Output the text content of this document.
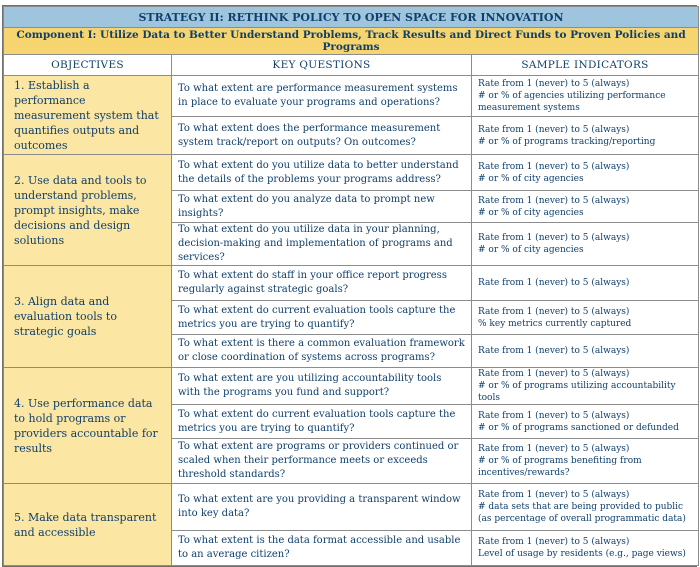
STRATEGY II: RETHINK POLICY TO OPEN SPACE FOR INNOVATION		
Component I: Utilize Data to Better Understand Problems, Track Results and Direct Funds to Proven Policies and Programs		
OBJECTIVES	KEY QUESTIONS	SAMPLE INDICATORS
1. Establish a performance measurement system that quantifies outputs and outcomes	To what extent are performance measurement systems in place to evaluate your programs and operations?	Rate from 1 (never) to 5 (always)
# or % of agencies utilizing performance measurement systems

	To what extent does the performance measurement system track/report on outputs? On outcomes?	Rate from 1 (never) to 5 (always)
# or % of programs tracking/reporting

2. Use data and tools to understand problems, prompt insights, make decisions and design solutions	To what extent do you utilize data to better understand the details of the problems your programs address?	Rate from 1 (never) to 5 (always)
# or % of city agencies

	To what extent do you analyze data to prompt new insights?	Rate from 1 (never) to 5 (always)
# or % of city agencies

	To what extent do you utilize data in your planning, decision-making and implementation of programs and services?	Rate from 1 (never) to 5 (always)
# or % of city agencies

3. Align data and evaluation tools to strategic goals	To what extent do staff in your office report progress regularly against strategic goals?	Rate from 1 (never) to 5 (always)

	To what extent do current evaluation tools capture the metrics you are trying to quantify?	Rate from 1 (never) to 5 (always)
% key metrics currently captured

	To what extent is there a common evaluation framework or close coordination of systems across programs?	Rate from 1 (never) to 5 (always)

4. Use performance data to hold programs or providers accountable for results	To what extent are you utilizing accountability tools with the programs you fund and support?	Rate from 1 (never) to 5 (always)
# or % of programs utilizing accountability tools

	To what extent do current evaluation tools capture the metrics you are trying to quantify?	Rate from 1 (never) to 5 (always)
# or % of programs sanctioned or defunded

	To what extent are programs or providers continued or scaled when their performance meets or exceeds threshold standards?	Rate from 1 (never) to 5 (always)
# or % of programs benefiting from incentives/rewards?

5. Make data transparent and accessible	To what extent are you providing a transparent window into key data?	Rate from 1 (never) to 5 (always)
# data sets that are being provided to public (as percentage of overall programmatic data)

	To what extent is the data format accessible and usable to an average citizen?	Rate from 1 (never) to 5 (always)
Level of usage by residents (e.g., page views)
